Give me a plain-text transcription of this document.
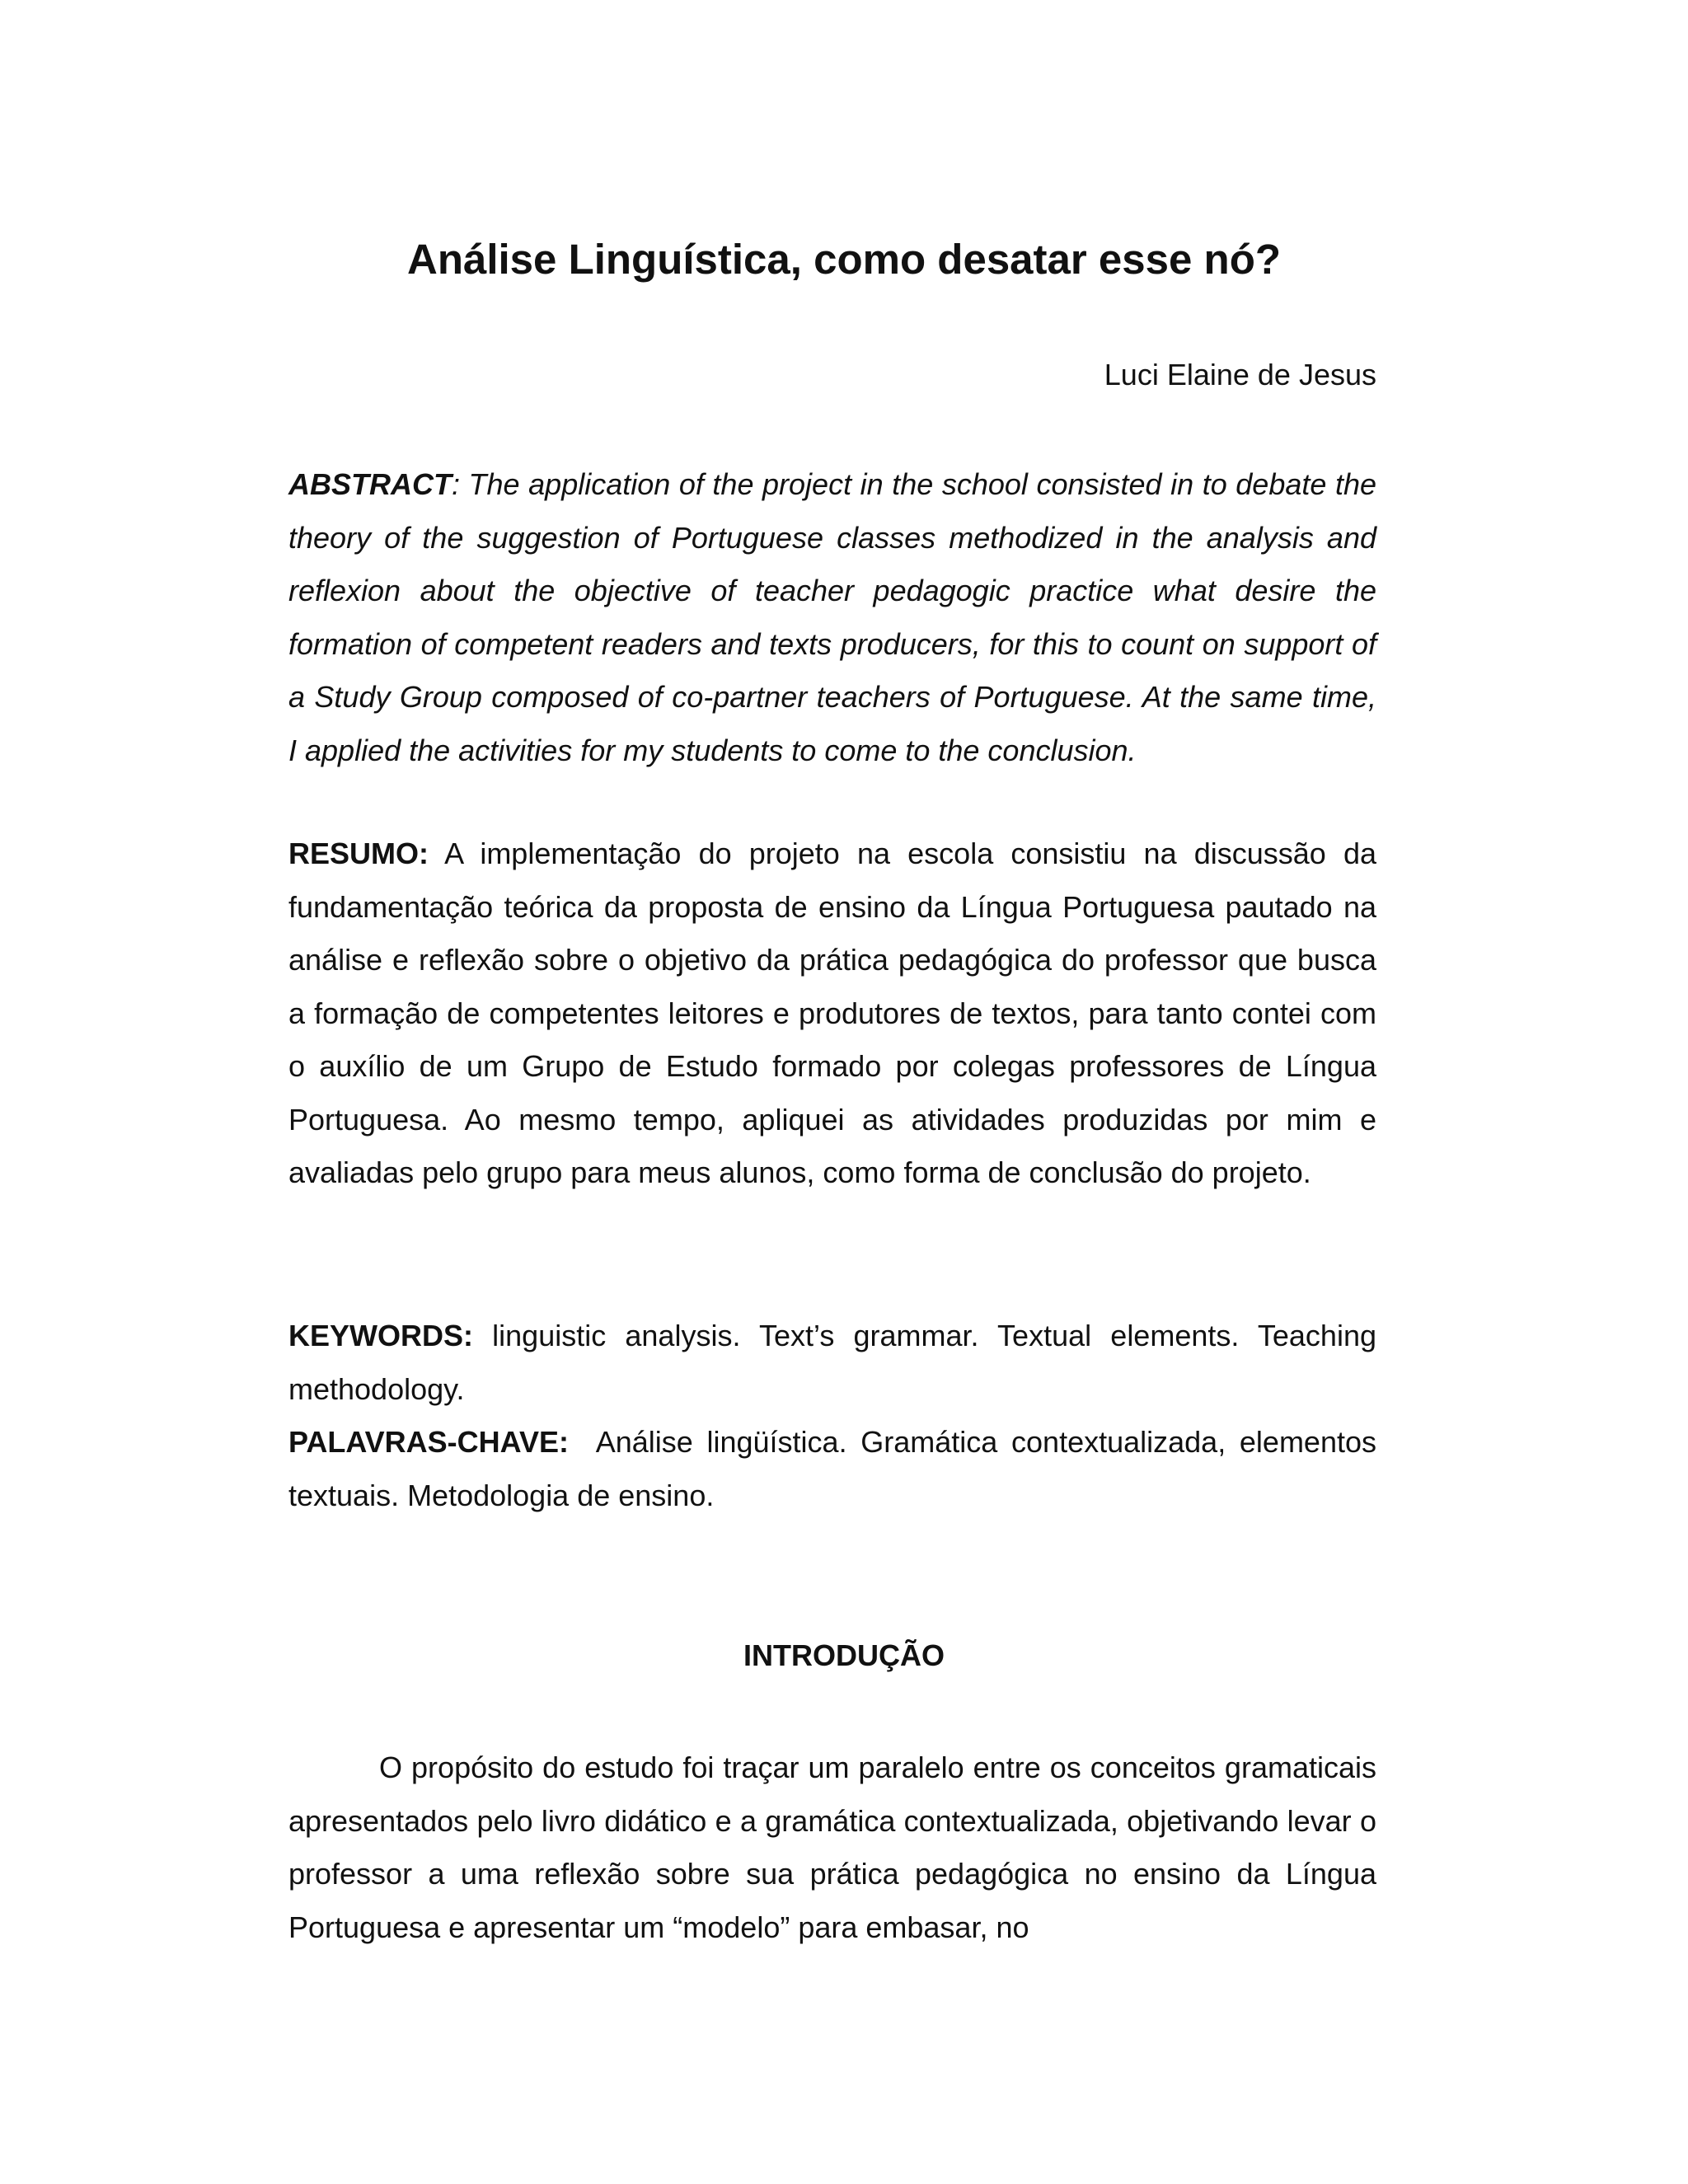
Análise Linguística, como desatar esse nó?

Luci Elaine de Jesus

ABSTRACT: The application of the project in the school consisted in to debate the theory of the suggestion of Portuguese classes methodized in the analysis and reflexion about the objective of teacher pedagogic practice what desire the formation of competent readers and texts producers, for this to count on support of a Study Group composed of co-partner teachers of Portuguese. At the same time, I applied the activities for my students to come to the conclusion.

RESUMO: A implementação do projeto na escola consistiu na discussão da fundamentação teórica da proposta de ensino da Língua Portuguesa pautado na análise e reflexão sobre o objetivo da prática pedagógica do professor que busca a formação de competentes leitores e produtores de textos, para tanto contei com o auxílio de um Grupo de Estudo formado por colegas professores de Língua Portuguesa. Ao mesmo tempo, apliquei as atividades produzidas por mim e avaliadas pelo grupo para meus alunos, como forma de conclusão do projeto.

KEYWORDS: linguistic analysis. Text’s grammar. Textual elements. Teaching methodology.

PALAVRAS-CHAVE: Análise lingüística. Gramática contextualizada, elementos textuais. Metodologia de ensino.

INTRODUÇÃO

O propósito do estudo foi traçar um paralelo entre os conceitos gramaticais apresentados pelo livro didático e a gramática contextualizada, objetivando levar o professor a uma reflexão sobre sua prática pedagógica no ensino da Língua Portuguesa e apresentar um “modelo” para embasar, no
